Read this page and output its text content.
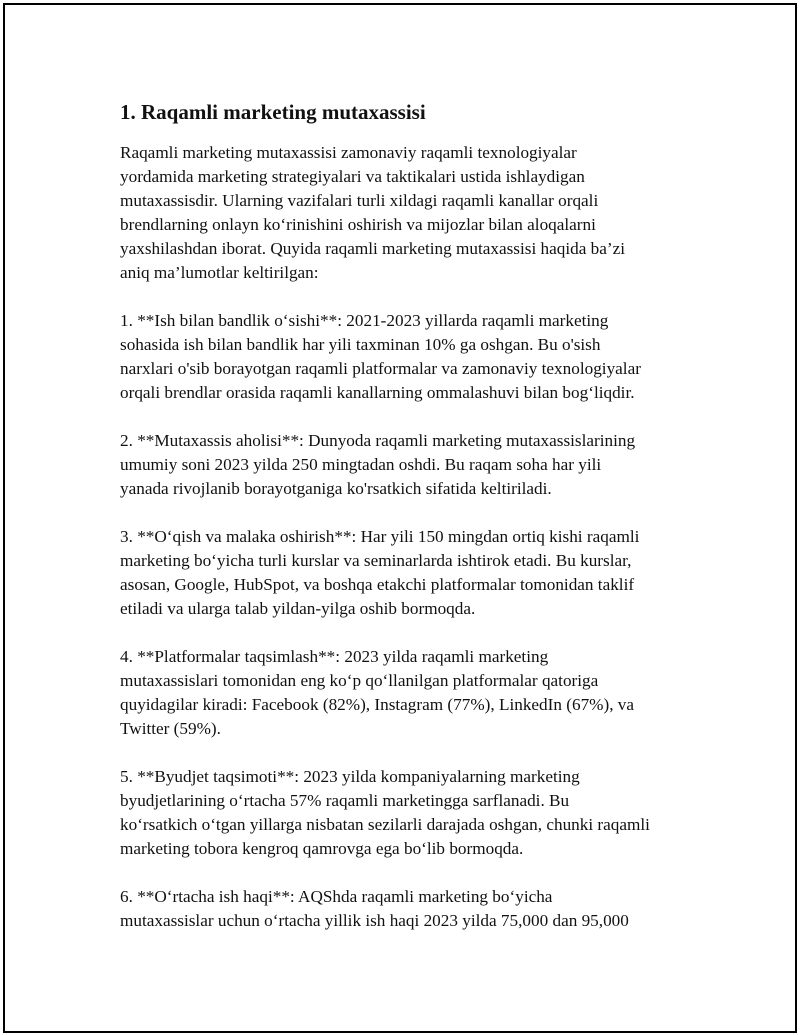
1. Raqamli marketing mutaxassisi

Raqamli marketing mutaxassisi zamonaviy raqamli texnologiyalar
yordamida marketing strategiyalari va taktikalari ustida ishlaydigan
mutaxassisdir. Ularning vazifalari turli xildagi raqamli kanallar orqali
brendlarning onlayn ko‘rinishini oshirish va mijozlar bilan aloqalarni
yaxshilashdan iborat. Quyida raqamli marketing mutaxassisi haqida ba’zi
aniq ma’lumotlar keltirilgan:

1. **Ish bilan bandlik o‘sishi**: 2021-2023 yillarda raqamli marketing
sohasida ish bilan bandlik har yili taxminan 10% ga oshgan. Bu o'sish
narxlari o'sib borayotgan raqamli platformalar va zamonaviy texnologiyalar
orqali brendlar orasida raqamli kanallarning ommalashuvi bilan bog‘liqdir.

2. **Mutaxassis aholisi**: Dunyoda raqamli marketing mutaxassislarining
umumiy soni 2023 yilda 250 mingtadan oshdi. Bu raqam soha har yili
yanada rivojlanib borayotganiga ko'rsatkich sifatida keltiriladi.

3. **O‘qish va malaka oshirish**: Har yili 150 mingdan ortiq kishi raqamli
marketing bo‘yicha turli kurslar va seminarlarda ishtirok etadi. Bu kurslar,
asosan, Google, HubSpot, va boshqa etakchi platformalar tomonidan taklif
etiladi va ularga talab yildan-yilga oshib bormoqda.

4. **Platformalar taqsimlash**: 2023 yilda raqamli marketing
mutaxassislari tomonidan eng ko‘p qo‘llanilgan platformalar qatoriga
quyidagilar kiradi: Facebook (82%), Instagram (77%), LinkedIn (67%), va
Twitter (59%).

5. **Byudjet taqsimoti**: 2023 yilda kompaniyalarning marketing
byudjetlarining o‘rtacha 57% raqamli marketingga sarflanadi. Bu
ko‘rsatkich o‘tgan yillarga nisbatan sezilarli darajada oshgan, chunki raqamli
marketing tobora kengroq qamrovga ega bo‘lib bormoqda.

6. **O‘rtacha ish haqi**: AQShda raqamli marketing bo‘yicha
mutaxassislar uchun o‘rtacha yillik ish haqi 2023 yilda 75,000 dan 95,000
